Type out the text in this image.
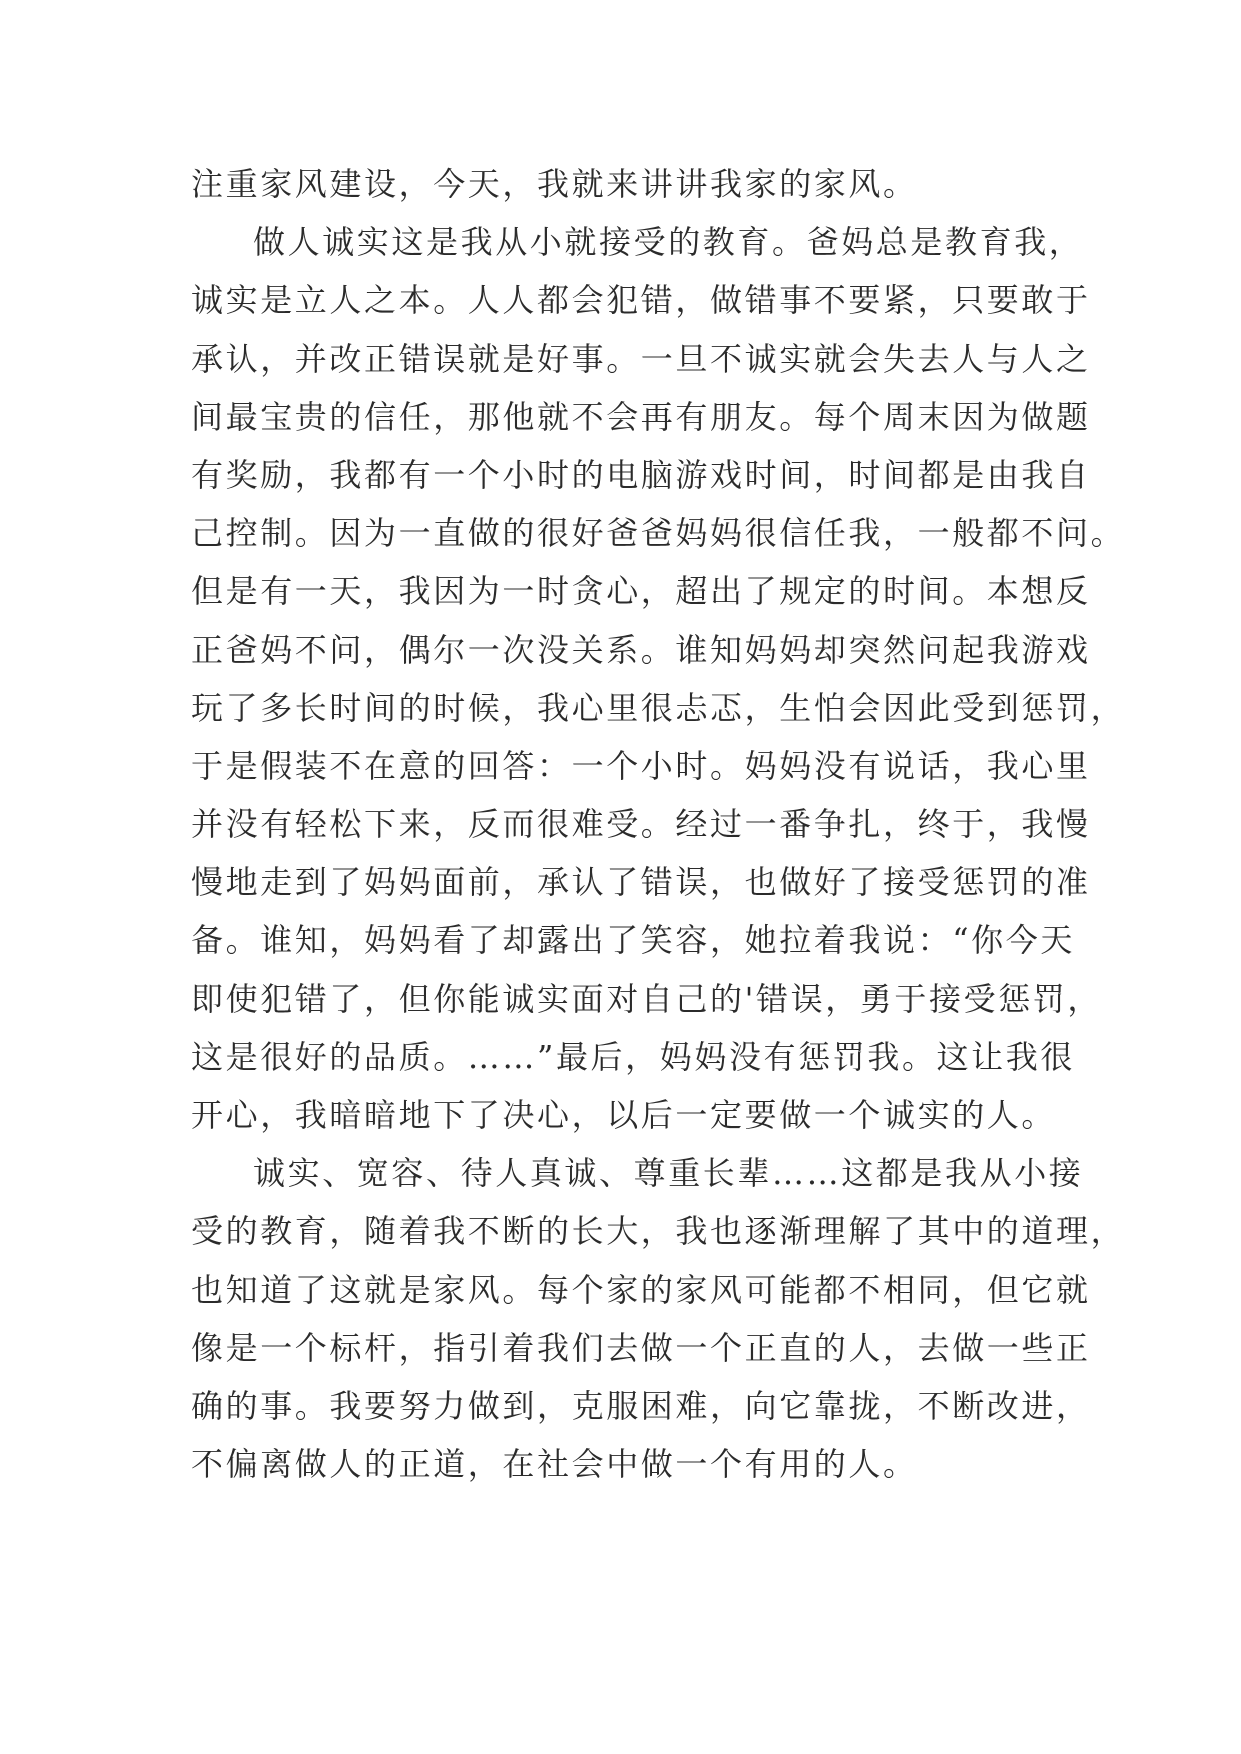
注重家风建设，今天，我就来讲讲我家的家风。
做人诚实这是我从小就接受的教育。爸妈总是教育我，
诚实是立人之本。人人都会犯错，做错事不要紧，只要敢于
承认，并改正错误就是好事。一旦不诚实就会失去人与人之
间最宝贵的信任，那他就不会再有朋友。每个周末因为做题
有奖励，我都有一个小时的电脑游戏时间，时间都是由我自
己控制。因为一直做的很好爸爸妈妈很信任我，一般都不问。
但是有一天，我因为一时贪心，超出了规定的时间。本想反
正爸妈不问，偶尔一次没关系。谁知妈妈却突然问起我游戏
玩了多长时间的时候，我心里很忐忑，生怕会因此受到惩罚，
于是假装不在意的回答：一个小时。妈妈没有说话，我心里
并没有轻松下来，反而很难受。经过一番争扎，终于，我慢
慢地走到了妈妈面前，承认了错误，也做好了接受惩罚的准
备。谁知，妈妈看了却露出了笑容，她拉着我说：“你今天
即使犯错了，但你能诚实面对自己的'错误，勇于接受惩罚，
这是很好的品质。……”最后，妈妈没有惩罚我。这让我很
开心，我暗暗地下了决心，以后一定要做一个诚实的人。
诚实、宽容、待人真诚、尊重长辈……这都是我从小接
受的教育，随着我不断的长大，我也逐渐理解了其中的道理，
也知道了这就是家风。每个家的家风可能都不相同，但它就
像是一个标杆，指引着我们去做一个正直的人，去做一些正
确的事。我要努力做到，克服困难，向它靠拢，不断改进，
不偏离做人的正道，在社会中做一个有用的人。
